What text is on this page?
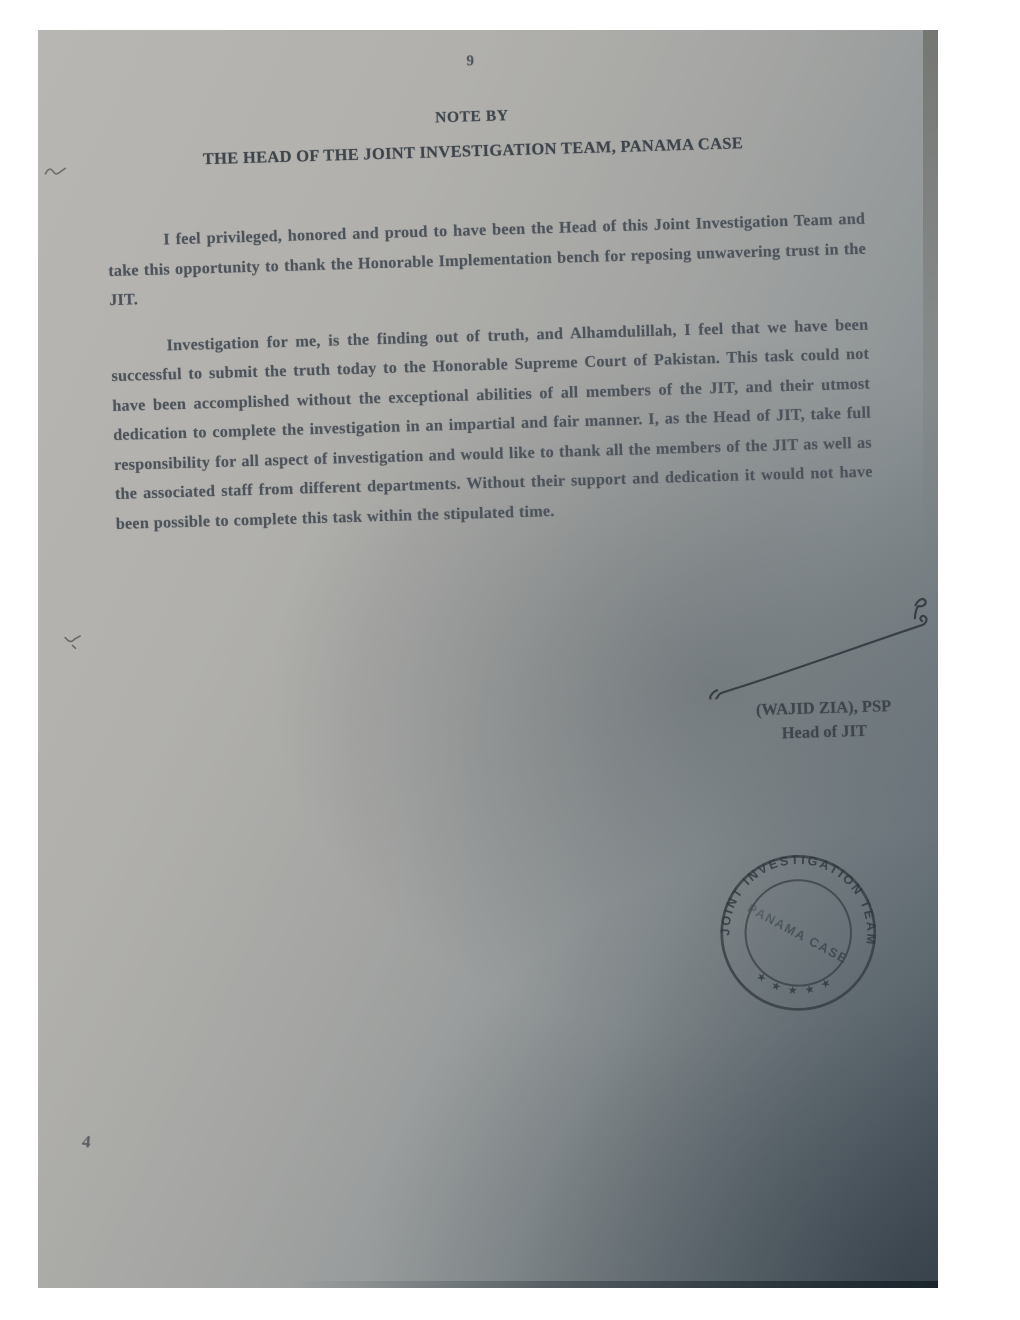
9
NOTE BY
THE HEAD OF THE JOINT INVESTIGATION TEAM, PANAMA CASE

I feel privileged, honored and proud to have been the Head of this Joint Investigation Team and take this opportunity to thank the Honorable Implementation bench for reposing unwavering trust in the JIT.

Investigation for me, is the finding out of truth, and Alhamdulillah, I feel that we have been successful to submit the truth today to the Honorable Supreme Court of Pakistan. This task could not have been accomplished without the exceptional abilities of all members of the JIT, and their utmost dedication to complete the investigation in an impartial and fair manner. I, as the Head of JIT, take full responsibility for all aspect of investigation and would like to thank all the members of the JIT as well as the associated staff from different departments. Without their support and dedication it would not have been possible to complete this task within the stipulated time.

(WAJID ZIA), PSP
Head of JIT
JOINT INVESTIGATION TEAM
PANAMA CASE
★ ★ ★ ★ ★
4
